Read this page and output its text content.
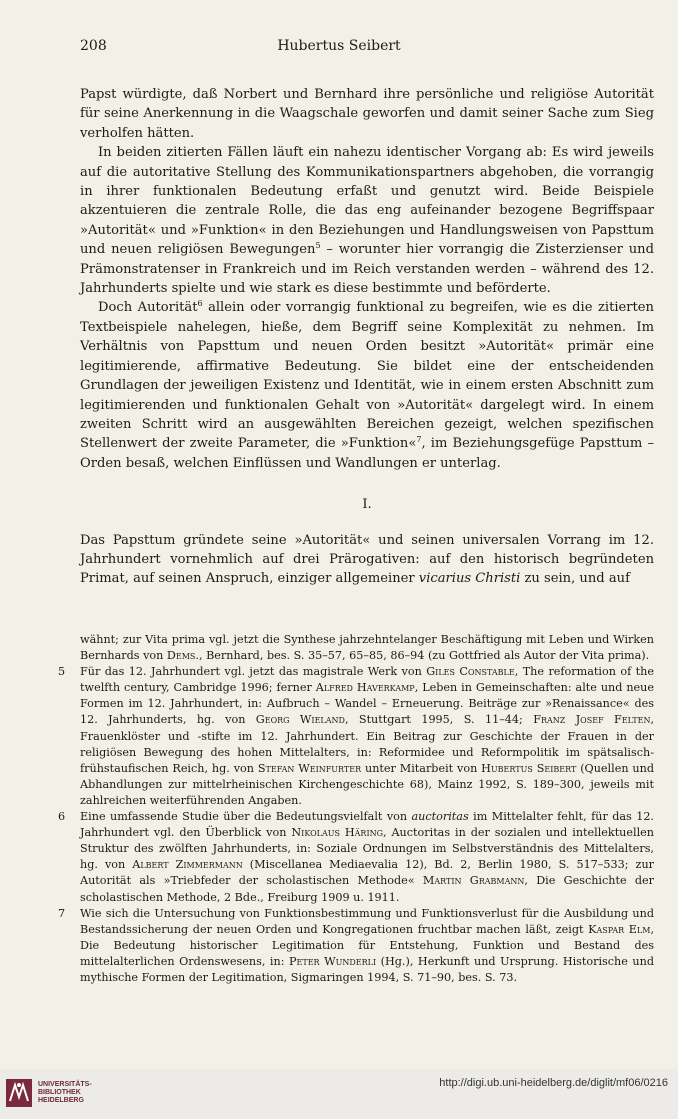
208	Hubertus Seibert

Papst würdigte, daß Norbert und Bernhard ihre persönliche und religiöse Autorität für seine Anerkennung in die Waagschale geworfen und damit seiner Sache zum Sieg verholfen hätten.

In beiden zitierten Fällen läuft ein nahezu identischer Vorgang ab: Es wird jeweils auf die autoritative Stellung des Kommunikationspartners abgehoben, die vorrangig in ihrer funktionalen Bedeutung erfaßt und genutzt wird. Beide Beispiele akzentuieren die zentrale Rolle, die das eng aufeinander bezogene Begriffspaar »Autorität« und »Funktion« in den Beziehungen und Handlungsweisen von Papsttum und neuen religiösen Bewegungen$^5$ – worunter hier vorrangig die Zisterzienser und Prämonstratenser in Frankreich und im Reich verstanden werden – während des 12. Jahrhunderts spielte und wie stark es diese bestimmte und beförderte.

Doch Autorität$^6$ allein oder vorrangig funktional zu begreifen, wie es die zitierten Textbeispiele nahelegen, hieße, dem Begriff seine Komplexität zu nehmen. Im Verhältnis von Papsttum und neuen Orden besitzt »Autorität« primär eine legitimierende, affirmative Bedeutung. Sie bildet eine der entscheidenden Grundlagen der jeweiligen Existenz und Identität, wie in einem ersten Abschnitt zum legitimierenden und funktionalen Gehalt von »Autorität« dargelegt wird. In einem zweiten Schritt wird an ausgewählten Bereichen gezeigt, welchen spezifischen Stellenwert der zweite Parameter, die »Funktion«$^7$, im Beziehungsgefüge Papsttum – Orden besaß, welchen Einflüssen und Wandlungen er unterlag.

I.

Das Papsttum gründete seine »Autorität« und seinen universalen Vorrang im 12. Jahrhundert vornehmlich auf drei Prärogativen: auf den historisch begründeten Primat, auf seinen Anspruch, einziger allgemeiner vicarius Christi zu sein, und auf

wähnt; zur Vita prima vgl. jetzt die Synthese jahrzehntelanger Beschäftigung mit Leben und Wirken Bernhards von Dems., Bernhard, bes. S. 35–57, 65–85, 86–94 (zu Gottfried als Autor der Vita prima).

5 Für das 12. Jahrhundert vgl. jetzt das magistrale Werk von Giles Constable, The reformation of the twelfth century, Cambridge 1996; ferner Alfred Haverkamp, Leben in Gemeinschaften: alte und neue Formen im 12. Jahrhundert, in: Aufbruch – Wandel – Erneuerung. Beiträge zur »Renaissance« des 12. Jahrhunderts, hg. von Georg Wieland, Stuttgart 1995, S. 11–44; Franz Josef Felten, Frauenklöster und -stifte im 12. Jahrhundert. Ein Beitrag zur Geschichte der Frauen in der religiösen Bewegung des hohen Mittelalters, in: Reformidee und Reformpolitik im spätsalisch-frühstaufischen Reich, hg. von Stefan Weinfurter unter Mitarbeit von Hubertus Seibert (Quellen und Abhandlungen zur mittelrheinischen Kirchengeschichte 68), Mainz 1992, S. 189–300, jeweils mit zahlreichen weiterführenden Angaben.

6 Eine umfassende Studie über die Bedeutungsvielfalt von auctoritas im Mittelalter fehlt, für das 12. Jahrhundert vgl. den Überblick von Nikolaus Häring, Auctoritas in der sozialen und intellektuellen Struktur des zwölften Jahrhunderts, in: Soziale Ordnungen im Selbstverständnis des Mittelalters, hg. von Albert Zimmermann (Miscellanea Mediaevalia 12), Bd. 2, Berlin 1980, S. 517–533; zur Autorität als »Triebfeder der scholastischen Methode« Martin Grabmann, Die Geschichte der scholastischen Methode, 2 Bde., Freiburg 1909 u. 1911.

7 Wie sich die Untersuchung von Funktionsbestimmung und Funktionsverlust für die Ausbildung und Bestandssicherung der neuen Orden und Kongregationen fruchtbar machen läßt, zeigt Kaspar Elm, Die Bedeutung historischer Legitimation für Entstehung, Funktion und Bestand des mittelalterlichen Ordenswesens, in: Peter Wunderli (Hg.), Herkunft und Ursprung. Historische und mythische Formen der Legitimation, Sigmaringen 1994, S. 71–90, bes. S. 73.

UNIVERSITÄTS-
BIBLIOTHEK
HEIDELBERG
http://digi.ub.uni-heidelberg.de/diglit/mf06/0216
